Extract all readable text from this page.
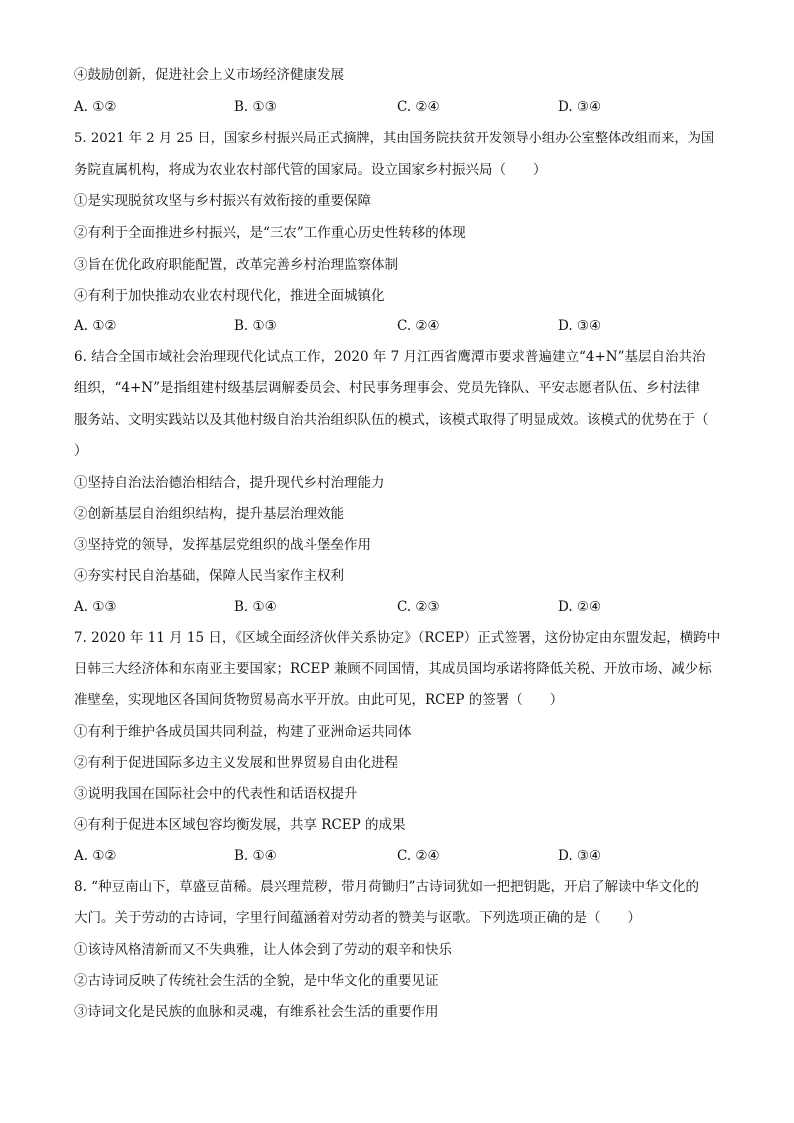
④鼓励创新，促进社会上义市场经济健康发展
A. ①②	B. ①③	C. ②④	D. ③④
5. 2021 年 2 月 25 日，国家乡村振兴局正式摘牌，其由国务院扶贫开发领导小组办公室整体改组而来，为国
务院直属机构，将成为农业农村部代管的国家局。设立国家乡村振兴局（　　）
①是实现脱贫攻坚与乡村振兴有效衔接的重要保障
②有利于全面推进乡村振兴，是“三农”工作重心历史性转移的体现
③旨在优化政府职能配置，改革完善乡村治理监察体制
④有利于加快推动农业农村现代化，推进全面城镇化
A. ①②	B. ①③	C. ②④	D. ③④
6. 结合全国市域社会治理现代化试点工作，2020 年 7 月江西省鹰潭市要求普遍建立“4+N”基层自治共治
组织，“4+N”是指组建村级基层调解委员会、村民事务理事会、党员先锋队、平安志愿者队伍、乡村法律
服务站、文明实践站以及其他村级自治共治组织队伍的模式，该模式取得了明显成效。该模式的优势在于（
）
①坚持自治法治德治相结合，提升现代乡村治理能力
②创新基层自治组织结构，提升基层治理效能
③坚持党的领导，发挥基层党组织的战斗堡垒作用
④夯实村民自治基础，保障人民当家作主权利
A. ①③	B. ①④	C. ②③	D. ②④
7. 2020 年 11 月 15 日，《区域全面经济伙伴关系协定》（RCEP）正式签署，这份协定由东盟发起，横跨中
日韩三大经济体和东南亚主要国家；RCEP 兼顾不同国情，其成员国均承诺将降低关税、开放市场、减少标
准壁垒，实现地区各国间货物贸易高水平开放。由此可见，RCEP 的签署（　　）
①有利于维护各成员国共同利益，构建了亚洲命运共同体
②有利于促进国际多边主义发展和世界贸易自由化进程
③说明我国在国际社会中的代表性和话语权提升
④有利于促进本区域包容均衡发展，共享 RCEP 的成果
A. ①②	B. ①④	C. ②④	D. ③④
8. “种豆南山下，草盛豆苗稀。晨兴理荒秽，带月荷锄归”古诗词犹如一把把钥匙，开启了解读中华文化的
大门。关于劳动的古诗词，字里行间蕴涵着对劳动者的赞美与讴歌。下列选项正确的是（　　）
①该诗风格清新而又不失典雅，让人体会到了劳动的艰辛和快乐
②古诗词反映了传统社会生活的全貌，是中华文化的重要见证
③诗词文化是民族的血脉和灵魂，有维系社会生活的重要作用
